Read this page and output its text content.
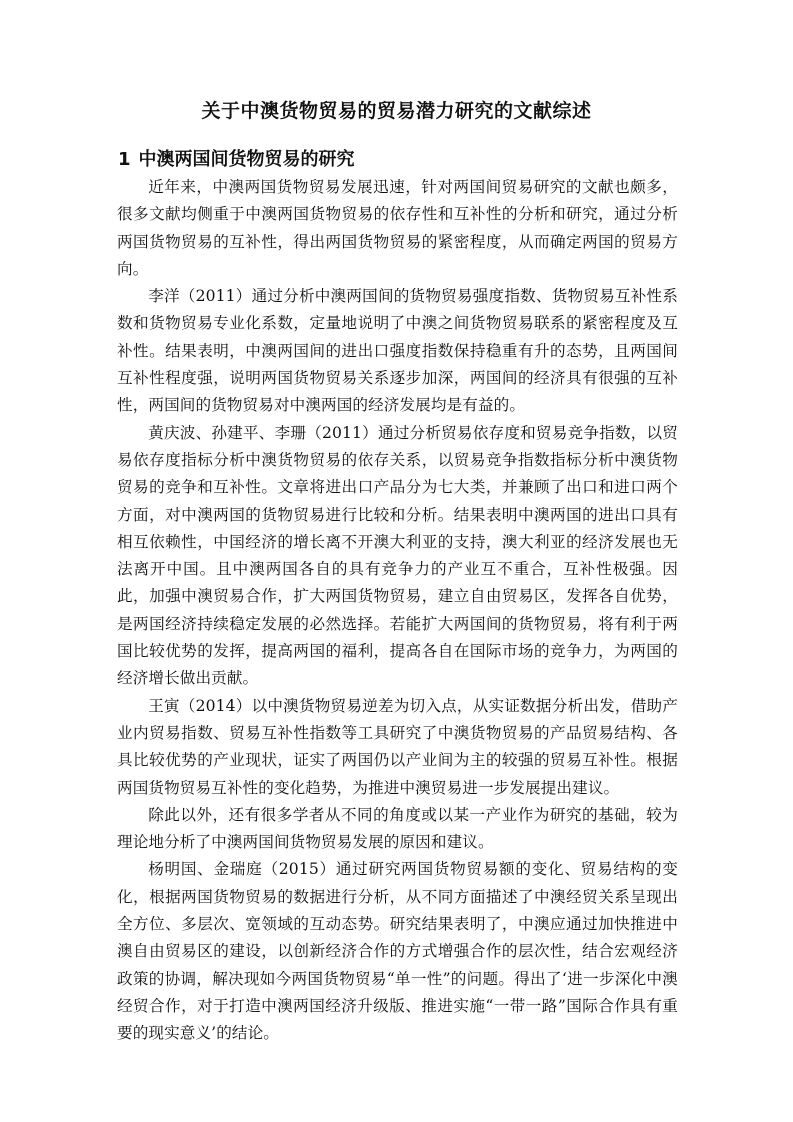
关于中澳货物贸易的贸易潜力研究的文献综述
1 中澳两国间货物贸易的研究

近年来，中澳两国货物贸易发展迅速，针对两国间贸易研究的文献也颇多，很多文献均侧重于中澳两国货物贸易的依存性和互补性的分析和研究，通过分析两国货物贸易的互补性，得出两国货物贸易的紧密程度，从而确定两国的贸易方向。

李洋（2011）通过分析中澳两国间的货物贸易强度指数、货物贸易互补性系数和货物贸易专业化系数，定量地说明了中澳之间货物贸易联系的紧密程度及互补性。结果表明，中澳两国间的进出口强度指数保持稳重有升的态势，且两国间互补性程度强，说明两国货物贸易关系逐步加深，两国间的经济具有很强的互补性，两国间的货物贸易对中澳两国的经济发展均是有益的。

黄庆波、孙建平、李珊（2011）通过分析贸易依存度和贸易竞争指数，以贸易依存度指标分析中澳货物贸易的依存关系，以贸易竞争指数指标分析中澳货物贸易的竞争和互补性。文章将进出口产品分为七大类，并兼顾了出口和进口两个方面，对中澳两国的货物贸易进行比较和分析。结果表明中澳两国的进出口具有相互依赖性，中国经济的增长离不开澳大利亚的支持，澳大利亚的经济发展也无法离开中国。且中澳两国各自的具有竞争力的产业互不重合，互补性极强。因此，加强中澳贸易合作，扩大两国货物贸易，建立自由贸易区，发挥各自优势，是两国经济持续稳定发展的必然选择。若能扩大两国间的货物贸易，将有利于两国比较优势的发挥，提高两国的福利，提高各自在国际市场的竞争力，为两国的经济增长做出贡献。

王寅（2014）以中澳货物贸易逆差为切入点，从实证数据分析出发，借助产业内贸易指数、贸易互补性指数等工具研究了中澳货物贸易的产品贸易结构、各具比较优势的产业现状，证实了两国仍以产业间为主的较强的贸易互补性。根据两国货物贸易互补性的变化趋势，为推进中澳贸易进一步发展提出建议。

除此以外，还有很多学者从不同的角度或以某一产业作为研究的基础，较为理论地分析了中澳两国间货物贸易发展的原因和建议。

杨明国、金瑞庭（2015）通过研究两国货物贸易额的变化、贸易结构的变化，根据两国货物贸易的数据进行分析，从不同方面描述了中澳经贸关系呈现出全方位、多层次、宽领域的互动态势。研究结果表明了，中澳应通过加快推进中澳自由贸易区的建设，以创新经济合作的方式增强合作的层次性，结合宏观经济政策的协调，解决现如今两国货物贸易“单一性”的问题。得出了‘进一步深化中澳经贸合作，对于打造中澳两国经济升级版、推进实施“一带一路”国际合作具有重要的现实意义’的结论。
